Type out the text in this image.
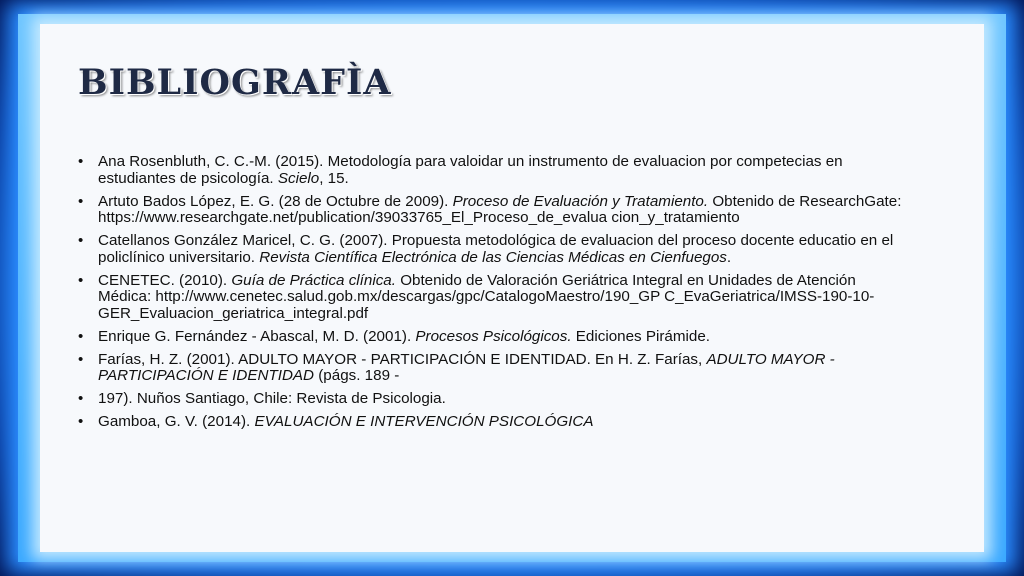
BIBLIOGRAFÌA
• Ana Rosenbluth, C. C.-M. (2015). Metodología para valoidar un instrumento de evaluacion por competecias en estudiantes de psicología. Scielo, 15.
• Artuto Bados López, E. G. (28 de Octubre de 2009). Proceso de Evaluación y Tratamiento. Obtenido de ResearchGate: https://www.researchgate.net/publication/39033765_El_Proceso_de_evalua cion_y_tratamiento
• Catellanos González Maricel, C. G. (2007). Propuesta metodológica de evaluacion del proceso docente educatio en el policlínico universitario. Revista Científica Electrónica de las Ciencias Médicas en Cienfuegos.
• CENETEC. (2010). Guía de Práctica clínica. Obtenido de Valoración Geriátrica Integral en Unidades de Atención Médica: http://www.cenetec.salud.gob.mx/descargas/gpc/CatalogoMaestro/190_GP C_EvaGeriatrica/IMSS-190-10-GER_Evaluacion_geriatrica_integral.pdf
• Enrique G. Fernández - Abascal, M. D. (2001). Procesos Psicológicos. Ediciones Pirámide.
• Farías, H. Z. (2001). ADULTO MAYOR - PARTICIPACIÓN E IDENTIDAD. En H. Z. Farías, ADULTO MAYOR - PARTICIPACIÓN E IDENTIDAD (págs. 189 -
• 197). Nuños Santiago, Chile: Revista de Psicologia.
• Gamboa, G. V. (2014). EVALUACIÓN E INTERVENCIÓN PSICOLÓGICA
